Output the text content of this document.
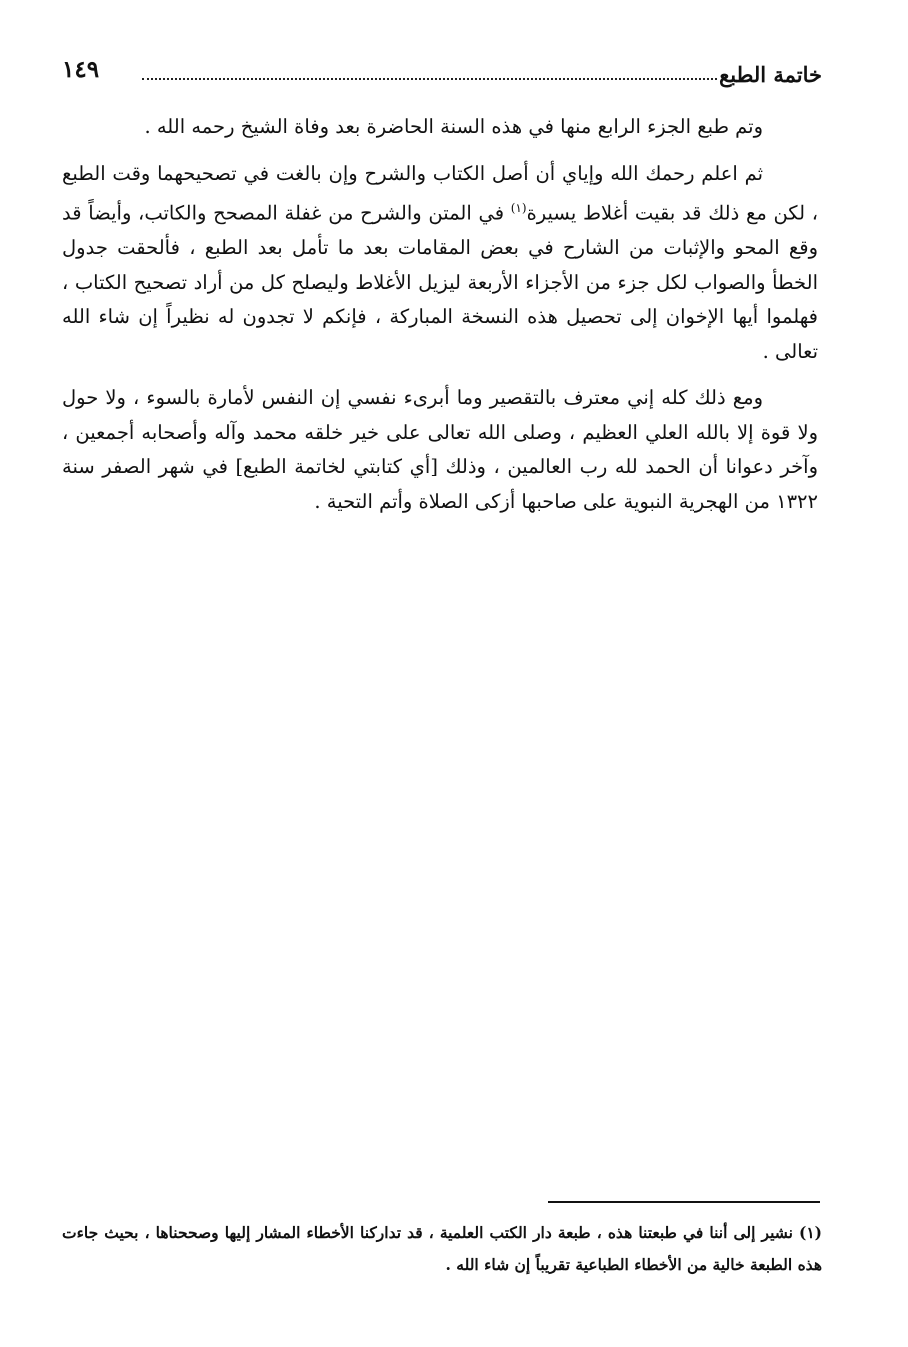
خاتمة الطبع
١٤٩

وتم طبع الجزء الرابع منها في هذه السنة الحاضرة بعد وفاة الشيخ رحمه الله .

ثم اعلم رحمك الله وإياي أن أصل الكتاب والشرح وإن بالغت في تصحيحهما وقت الطبع ، لكن مع ذلك قد بقيت أغلاط يسيرة$^{(١)}$ في المتن والشرح من غفلة المصحح والكاتب، وأيضاً قد وقع المحو والإثبات من الشارح في بعض المقامات بعد ما تأمل بعد الطبع ، فألحقت جدول الخطأ والصواب لكل جزء من الأجزاء الأربعة ليزيل الأغلاط وليصلح كل من أراد تصحيح الكتاب ، فهلموا أيها الإخوان إلى تحصيل هذه النسخة المباركة ، فإنكم لا تجدون له نظيراً إن شاء الله تعالى .

ومع ذلك كله إني معترف بالتقصير وما أبرىء نفسي إن النفس لأمارة بالسوء ، ولا حول ولا قوة إلا بالله العلي العظيم ، وصلى الله تعالى على خير خلقه محمد وآله وأصحابه أجمعين ، وآخر دعوانا أن الحمد لله رب العالمين ، وذلك [أي كتابتي لخاتمة الطبع] في شهر الصفر سنة ١٣٢٢ من الهجرية النبوية على صاحبها أزكى الصلاة وأتم التحية .

(١) نشير إلى أننا في طبعتنا هذه ، طبعة دار الكتب العلمية ، قد تداركنا الأخطاء المشار إليها وصححناها ، بحيث جاءت هذه الطبعة خالية من الأخطاء الطباعية تقريباً إن شاء الله .
